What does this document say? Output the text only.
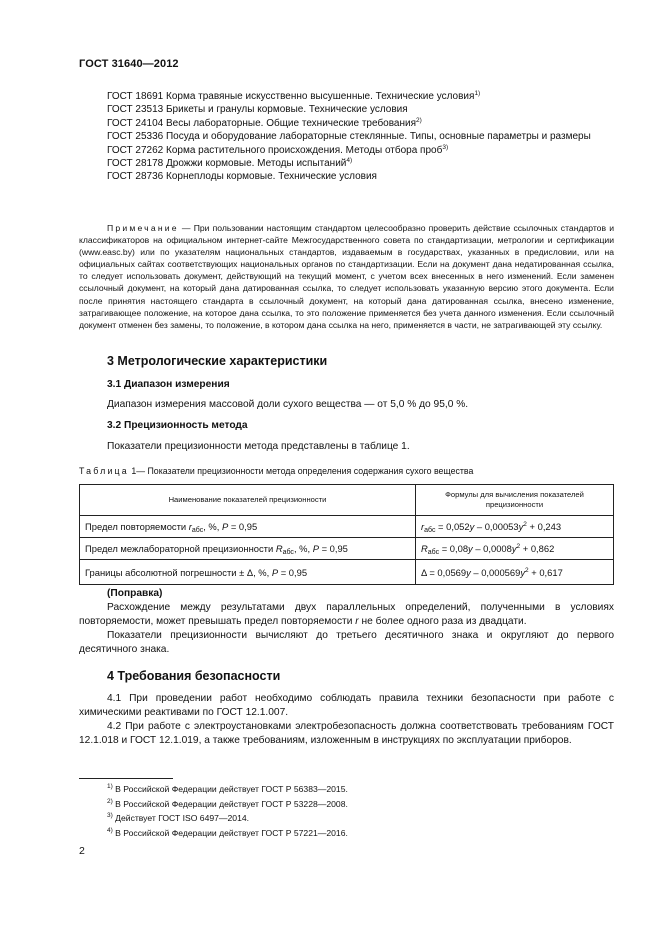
ГОСТ 31640—2012
ГОСТ 18691 Корма травяные искусственно высушенные. Технические условия$^{1)}$
ГОСТ 23513 Брикеты и гранулы кормовые. Технические условия
ГОСТ 24104 Весы лабораторные. Общие технические требования$^{2)}$
ГОСТ 25336 Посуда и оборудование лабораторные стеклянные. Типы, основные параметры и размеры
ГОСТ 27262 Корма растительного происхождения. Методы отбора проб$^{3)}$
ГОСТ 28178 Дрожжи кормовые. Методы испытаний$^{4)}$
ГОСТ 28736 Корнеплоды кормовые. Технические условия
Примечание — При пользовании настоящим стандартом целесообразно проверить действие ссылочных стандартов и классификаторов на официальном интернет-сайте Межгосударственного совета по стандартизации, метрологии и сертификации (www.easc.by) или по указателям национальных стандартов, издаваемым в государствах, указанных в предисловии, или на официальных сайтах соответствующих национальных органов по стандартизации. Если на документ дана недатированная ссылка, то следует использовать документ, действующий на текущий момент, с учетом всех внесенных в него изменений. Если заменен ссылочный документ, на который дана датированная ссылка, то следует использовать указанную версию этого документа. Если после принятия настоящего стандарта в ссылочный документ, на который дана датированная ссылка, внесено изменение, затрагивающее положение, на которое дана ссылка, то это положение применяется без учета данного изменения. Если ссылочный документ отменен без замены, то положение, в котором дана ссылка на него, применяется в части, не затрагивающей эту ссылку.
3 Метрологические характеристики
3.1 Диапазон измерения
Диапазон измерения массовой доли сухого вещества — от 5,0 % до 95,0 %.
3.2 Прецизионность метода
Показатели прецизионности метода представлены в таблице 1.
Таблица 1— Показатели прецизионности метода определения содержания сухого вещества
Наименование показателей прецизионности	Формулы для вычисления показателей прецизионности
Предел повторяемости $r_{абс}$, %, P = 0,95	$r_{абс} = 0,052y - 0,00053y^2 + 0,243$
Предел межлабораторной прецизионности $R_{абс}$, %, P = 0,95	$R_{абс} = 0,08y - 0,0008y^2 + 0,862$
Границы абсолютной погрешности ± Δ, %, P = 0,95	$\Delta = 0,0569y - 0,000569y^2 + 0,617$
(Поправка)
Расхождение между результатами двух параллельных определений, полученными в условиях повторяемости, может превышать предел повторяемости r не более одного раза из двадцати.
Показатели прецизионности вычисляют до третьего десятичного знака и округляют до первого десятичного знака.
4 Требования безопасности
4.1 При проведении работ необходимо соблюдать правила техники безопасности при работе с химическими реактивами по ГОСТ 12.1.007.
4.2 При работе с электроустановками электробезопасность должна соответствовать требованиям ГОСТ 12.1.018 и ГОСТ 12.1.019, а также требованиям, изложенным в инструкциях по эксплуатации приборов.
$^{1)}$ В Российской Федерации действует ГОСТ Р 56383—2015.
$^{2)}$ В Российской Федерации действует ГОСТ Р 53228—2008.
$^{3)}$ Действует ГОСТ ISO 6497—2014.
$^{4)}$ В Российской Федерации действует ГОСТ Р 57221—2016.
2
